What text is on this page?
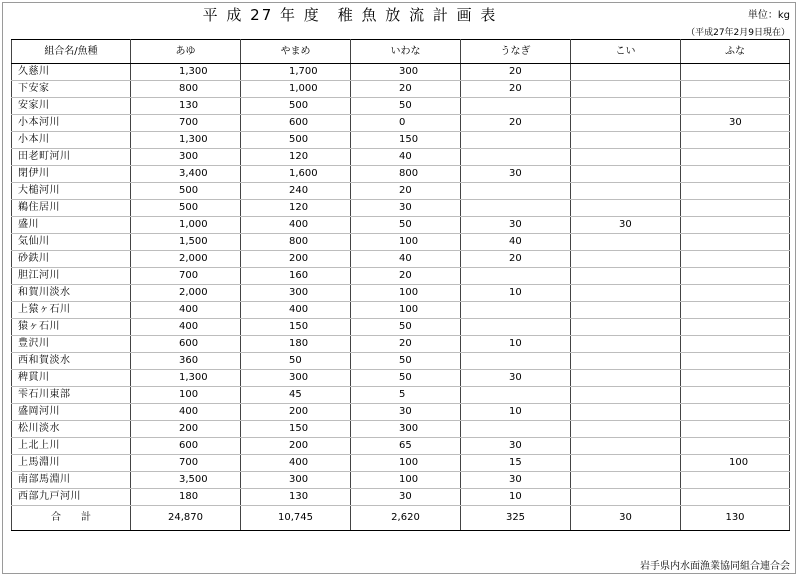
平 成 27 年 度　稚 魚 放 流 計 画 表	単位：kg
（平成27年2月9日現在）
組合名/魚種	あゆ	やまめ	いわな	うなぎ	こい	ふな
久慈川	1,300	1,700	300	20		
下安家	800	1,000	20	20		
安家川	130	500	50			
小本河川	700	600	0	20		30
小本川	1,300	500	150			
田老町河川	300	120	40			
閉伊川	3,400	1,600	800	30		
大槌河川	500	240	20			
鵜住居川	500	120	30			
盛川	1,000	400	50	30	30	
気仙川	1,500	800	100	40		
砂鉄川	2,000	200	40	20		
胆江河川	700	160	20			
和賀川淡水	2,000	300	100	10		
上猿ヶ石川	400	400	100			
猿ヶ石川	400	150	50			
豊沢川	600	180	20	10		
西和賀淡水	360	50	50			
稗貫川	1,300	300	50	30		
雫石川東部	100	45	5			
盛岡河川	400	200	30	10		
松川淡水	200	150	300			
上北上川	600	200	65	30		
上馬淵川	700	400	100	15		100
南部馬淵川	3,500	300	100	30		
西部九戸河川	180	130	30	10		
合　　計	24,870	10,745	2,620	325	30	130
岩手県内水面漁業協同組合連合会
